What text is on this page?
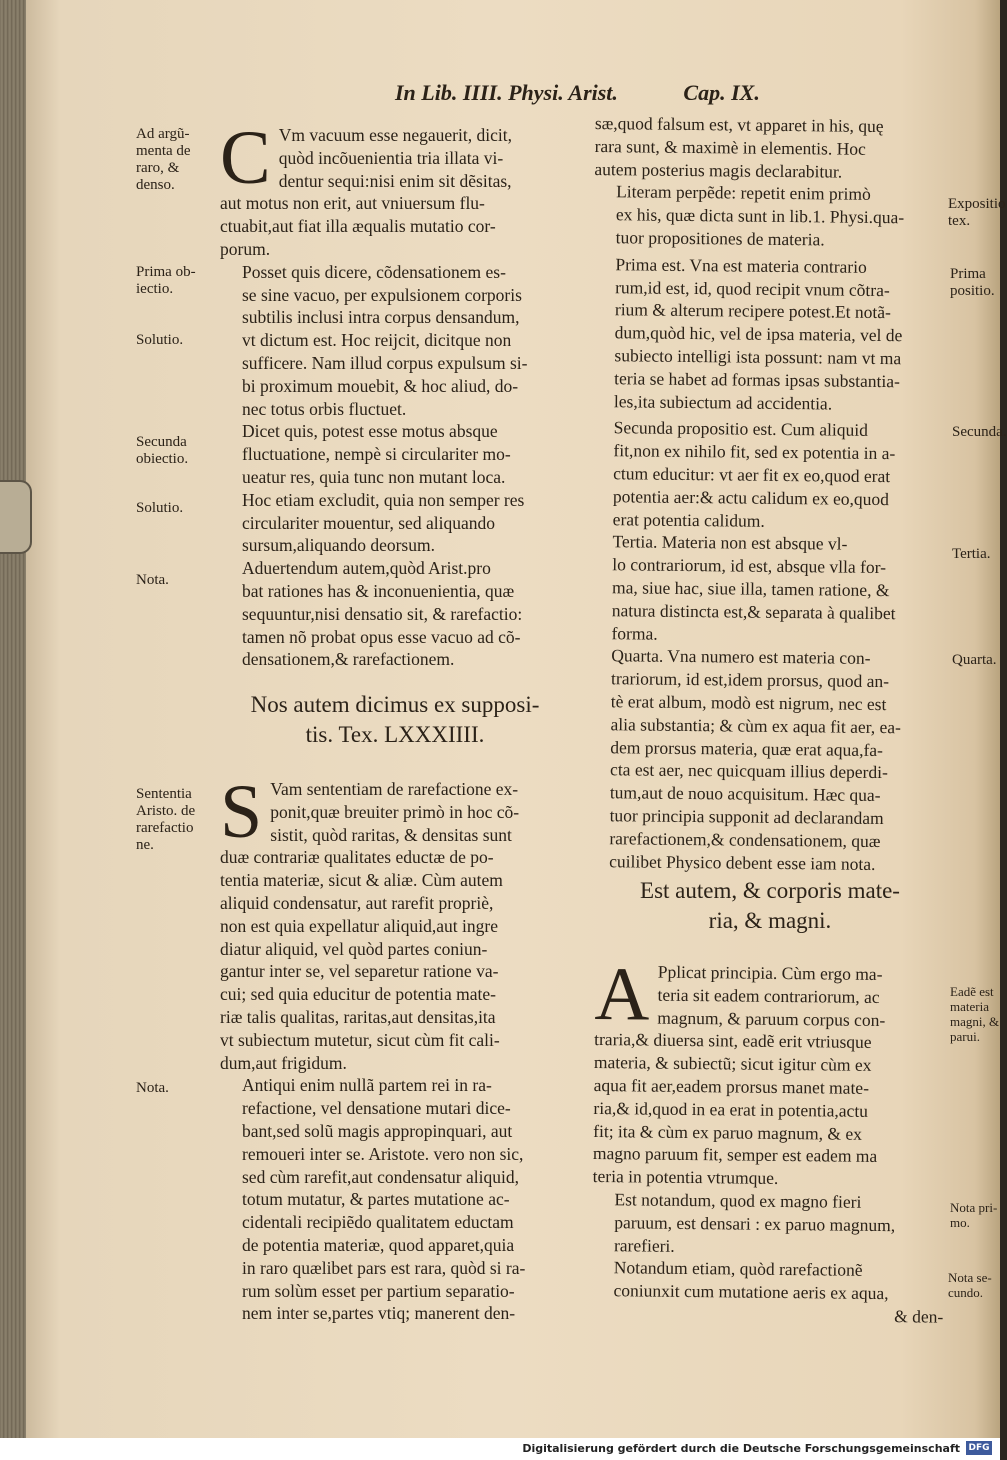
In Lib. IIII. Physi. Arist.	Cap. IX.
Ad argũ-
menta de
raro, &
denso.
Prima ob-
iectio.
Solutio.
Secunda
obiectio.
Solutio.
Nota.
Sententia
Aristo. de
rarefactio
ne.
Nota.

C Vm vacuum esse negauerit, dicit,
quòd incõuenientia tria illata vi-
dentur sequi:nisi enim sit dẽsitas,
aut motus non erit, aut vniuersum flu-
ctuabit,aut fiat illa æqualis mutatio cor-
porum.

Posset quis dicere, cõdensationem es-
se sine vacuo, per expulsionem corporis
subtilis inclusi intra corpus densandum,
vt dictum est. Hoc reijcit, dicitque non
sufficere. Nam illud corpus expulsum si-
bi proximum mouebit, & hoc aliud, do-
nec totus orbis fluctuet.

Dicet quis, potest esse motus absque
fluctuatione, nempè si circulariter mo-
ueatur res, quia tunc non mutant loca.
Hoc etiam excludit, quia non semper res
circulariter mouentur, sed aliquando
sursum,aliquando deorsum.

Aduertendum autem,quòd Arist.pro
bat rationes has & inconuenientia, quæ
sequuntur,nisi densatio sit, & rarefactio:
tamen nõ probat opus esse vacuo ad cõ-
densationem,& rarefactionem.

Nos autem dicimus ex supposi-
tis. Tex. LXXXIIII.

S Vam sententiam de rarefactione ex-
ponit,quæ breuiter primò in hoc cõ-
sistit, quòd raritas, & densitas sunt
duæ contrariæ qualitates eductæ de po-
tentia materiæ, sicut & aliæ. Cùm autem
aliquid condensatur, aut rarefit propriè,
non est quia expellatur aliquid,aut ingre
diatur aliquid, vel quòd partes coniun-
gantur inter se, vel separetur ratione va-
cui; sed quia educitur de potentia mate-
riæ talis qualitas, raritas,aut densitas,ita
vt subiectum mutetur, sicut cùm fit cali-
dum,aut frigidum.

Antiqui enim nullã partem rei in ra-
refactione, vel densatione mutari dice-
bant,sed solũ magis appropinquari, aut
remoueri inter se. Aristote. vero non sic,
sed cùm rarefit,aut condensatur aliquid,
totum mutatur, & partes mutatione ac-
cidentali recipiẽdo qualitatem eductam
de potentia materiæ, quod apparet,quia
in raro quælibet pars est rara, quòd si ra-
rum solùm esset per partium separatio-
nem inter se,partes vtiq; manerent den-

sæ,quod falsum est, vt apparet in his, quę
rara sunt, & maximè in elementis. Hoc
autem posterius magis declarabitur.

Literam perpẽde: repetit enim primò
ex his, quæ dicta sunt in lib.1. Physi.qua-
tuor propositiones de materia.

Prima est. Vna est materia contrario
rum,id est, id, quod recipit vnum cõtra-
rium & alterum recipere potest.Et notã-
dum,quòd hic, vel de ipsa materia, vel de
subiecto intelligi ista possunt: nam vt ma
teria se habet ad formas ipsas substantia-
les,ita subiectum ad accidentia.

Secunda propositio est. Cum aliquid
fit,non ex nihilo fit, sed ex potentia in a-
ctum educitur: vt aer fit ex eo,quod erat
potentia aer:& actu calidum ex eo,quod
erat potentia calidum.

Tertia. Materia non est absque vl-
lo contrariorum, id est, absque vlla for-
ma, siue hac, siue illa, tamen ratione, &
natura distincta est,& separata à qualibet
forma.

Quarta. Vna numero est materia con-
trariorum, id est,idem prorsus, quod an-
tè erat album, modò est nigrum, nec est
alia substantia; & cùm ex aqua fit aer, ea-
dem prorsus materia, quæ erat aqua,fa-
cta est aer, nec quicquam illius deperdi-
tum,aut de nouo acquisitum. Hæc qua-
tuor principia supponit ad declarandam
rarefactionem,& condensationem, quæ
cuilibet Physico debent esse iam nota.

Est autem, & corporis mate-
ria, & magni.

A Pplicat principia. Cùm ergo ma-
teria sit eadem contrariorum, ac
magnum, & paruum corpus con-
traria,& diuersa sint, eadẽ erit vtriusque
materia, & subiectũ; sicut igitur cùm ex
aqua fit aer,eadem prorsus manet mate-
ria,& id,quod in ea erat in potentia,actu
fit; ita & cùm ex paruo magnum, & ex
magno paruum fit, semper est eadem ma
teria in potentia vtrumque.

Est notandum, quod ex magno fieri
paruum, est densari : ex paruo magnum,
rarefieri.

Notandum etiam, quòd rarefactionẽ
coniunxit cum mutatione aeris ex aqua,
& den-

Expositio
tex.
Prima
positio.
Secunda.
Tertia.
Quarta.
Eadẽ est
materia
magni, &
parui.
Nota pri-
mo.
Nota se-
cundo.
Digitalisierung gefördert durch die Deutsche Forschungsgemeinschaft DFG
